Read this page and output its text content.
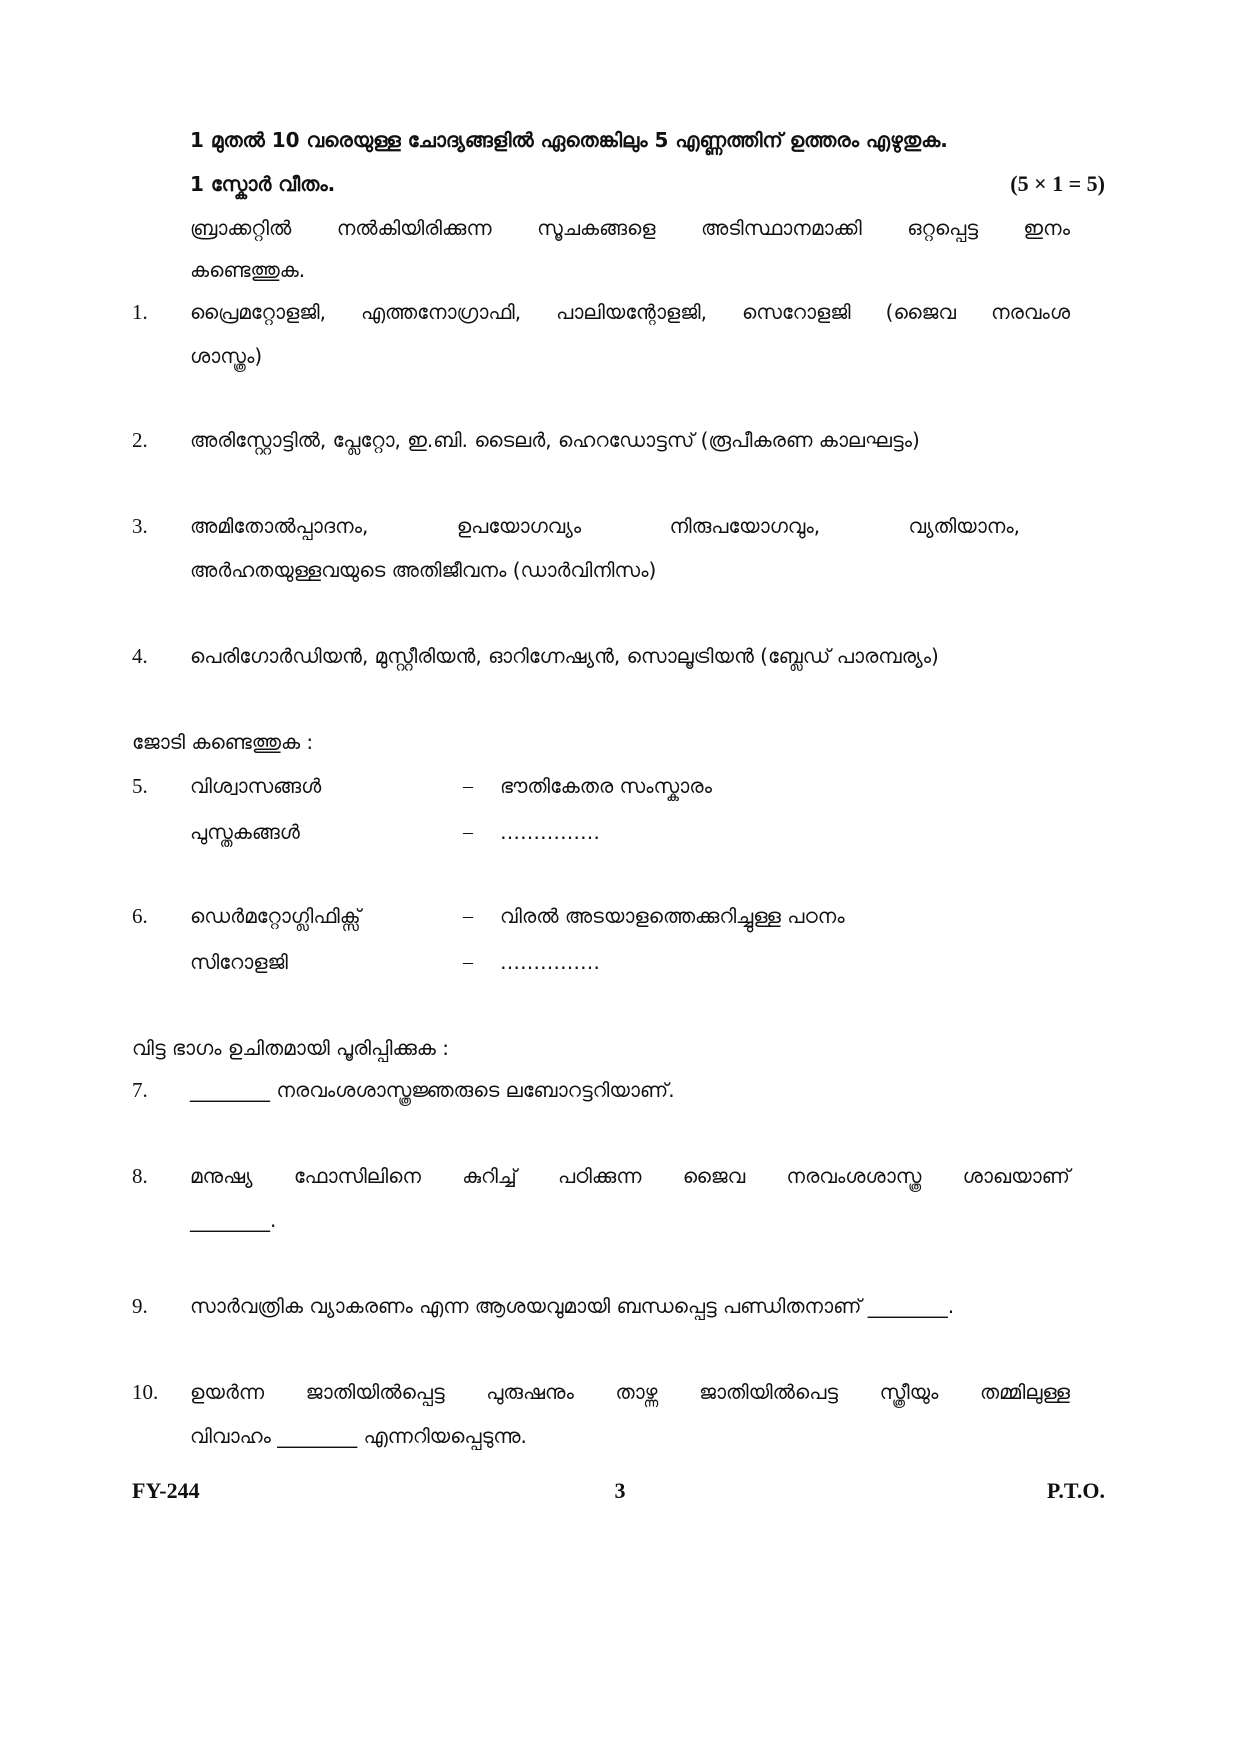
1 മുതൽ 10 വരെയുള്ള ചോദ്യങ്ങളിൽ ഏതെങ്കിലും 5 എണ്ണത്തിന് ഉത്തരം എഴുതുക.
1 സ്കോർ വീതം.	(5 × 1 = 5)
ബ്രാക്കറ്റിൽ നൽകിയിരിക്കുന്ന സൂചകങ്ങളെ അടിസ്ഥാനമാക്കി ഒറ്റപ്പെട്ട ഇനം
കണ്ടെത്തുക.
1. പ്രൈമറ്റോളജി, എത്തനോഗ്രാഫി, പാലിയന്റോളജി, സെറോളജി (ജൈവ നരവംശ
ശാസ്ത്രം)
2. അരിസ്റ്റോട്ടിൽ, പ്ലേറ്റോ, ഇ.ബി. ടൈലർ, ഹെറഡോട്ടസ് (രൂപീകരണ കാലഘട്ടം)
3. അമിതോൽപ്പാദനം, ഉപയോഗവ്യം നിരുപയോഗവും, വ്യതിയാനം,
അർഹതയുള്ളവയുടെ അതിജീവനം (ഡാർവിനിസം)
4. പെരിഗോർഡിയൻ, മുസ്റ്റീരിയൻ, ഓറിഗ്നേഷ്യൻ, സൊലൂട്രിയൻ (ബ്ലേഡ് പാരമ്പര്യം)
ജോടി കണ്ടെത്തുക :
5. വിശ്വാസങ്ങൾ	– ഭൗതികേതര സംസ്കാരം
പുസ്തകങ്ങൾ	– ……………
6. ഡെർമറ്റോഗ്ലിഫിക്സ്	– വിരൽ അടയാളത്തെക്കുറിച്ചുള്ള പഠനം
സിറോളജി	– ……………
വിട്ട ഭാഗം ഉചിതമായി പൂരിപ്പിക്കുക :
7. ________ നരവംശശാസ്ത്രജ്ഞരുടെ ലബോറട്ടറിയാണ്.
8. മനുഷ്യ ഫോസിലിനെ കുറിച്ച് പഠിക്കുന്ന ജൈവ നരവംശശാസ്ത്ര ശാഖയാണ്
________.
9. സാർവത്രിക വ്യാകരണം എന്ന ആശയവുമായി ബന്ധപ്പെട്ട പണ്ഡിതനാണ് ________.
10. ഉയർന്ന ജാതിയിൽപ്പെട്ട പുരുഷനും താഴ്ന്ന ജാതിയിൽപെട്ട സ്ത്രീയും തമ്മിലുള്ള
വിവാഹം ________ എന്നറിയപ്പെടുന്നു.
FY-244	3	P.T.O.
